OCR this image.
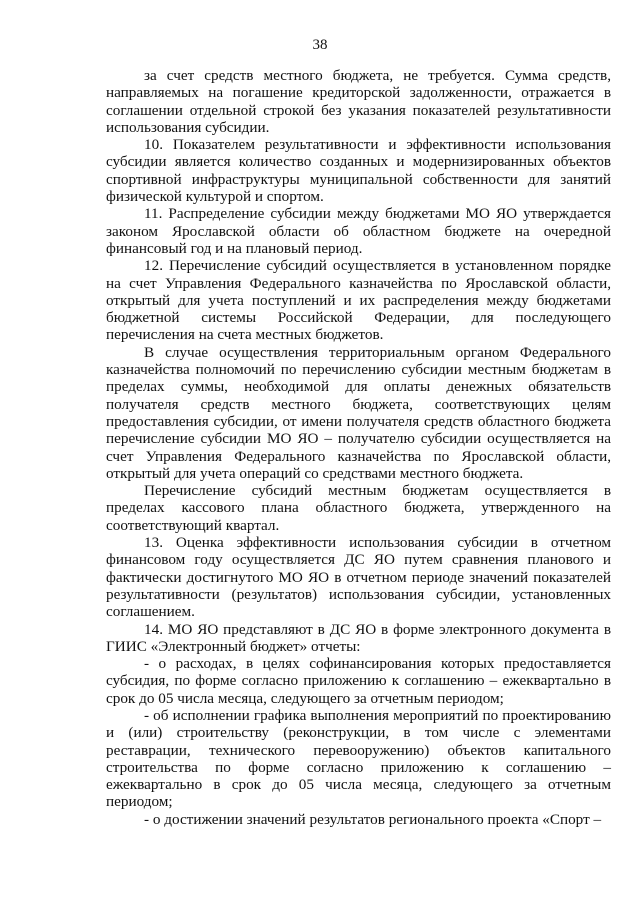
38

за счет средств местного бюджета, не требуется. Сумма средств, направляемых на погашение кредиторской задолженности, отражается в соглашении отдельной строкой без указания показателей результативности использования субсидии.

10. Показателем результативности и эффективности использования субсидии является количество созданных и модернизированных объектов спортивной инфраструктуры муниципальной собственности для занятий физической культурой и спортом.

11. Распределение субсидии между бюджетами МО ЯО утверждается законом Ярославской области об областном бюджете на очередной финансовый год и на плановый период.

12. Перечисление субсидий осуществляется в установленном порядке на счет Управления Федерального казначейства по Ярославской области, открытый для учета поступлений и их распределения между бюджетами бюджетной системы Российской Федерации, для последующего перечисления на счета местных бюджетов.

В случае осуществления территориальным органом Федерального казначейства полномочий по перечислению субсидии местным бюджетам в пределах суммы, необходимой для оплаты денежных обязательств получателя средств местного бюджета, соответствующих целям предоставления субсидии, от имени получателя средств областного бюджета перечисление субсидии МО ЯО – получателю субсидии осуществляется на счет Управления Федерального казначейства по Ярославской области, открытый для учета операций со средствами местного бюджета.

Перечисление субсидий местным бюджетам осуществляется в пределах кассового плана областного бюджета, утвержденного на соответствующий квартал.

13. Оценка эффективности использования субсидии в отчетном финансовом году осуществляется ДС ЯО путем сравнения планового и фактически достигнутого МО ЯО в отчетном периоде значений показателей результативности (результатов) использования субсидии, установленных соглашением.

14. МО ЯО представляют в ДС ЯО в форме электронного документа в ГИИС «Электронный бюджет» отчеты:

- о расходах, в целях софинансирования которых предоставляется субсидия, по форме согласно приложению к соглашению – ежеквартально в срок до 05 числа месяца, следующего за отчетным периодом;

- об исполнении графика выполнения мероприятий по проектированию и (или) строительству (реконструкции, в том числе с элементами реставрации, технического перевооружению) объектов капитального строительства по форме согласно приложению к соглашению – ежеквартально в срок до 05 числа месяца, следующего за отчетным периодом;

- о достижении значений результатов регионального проекта «Спорт –
